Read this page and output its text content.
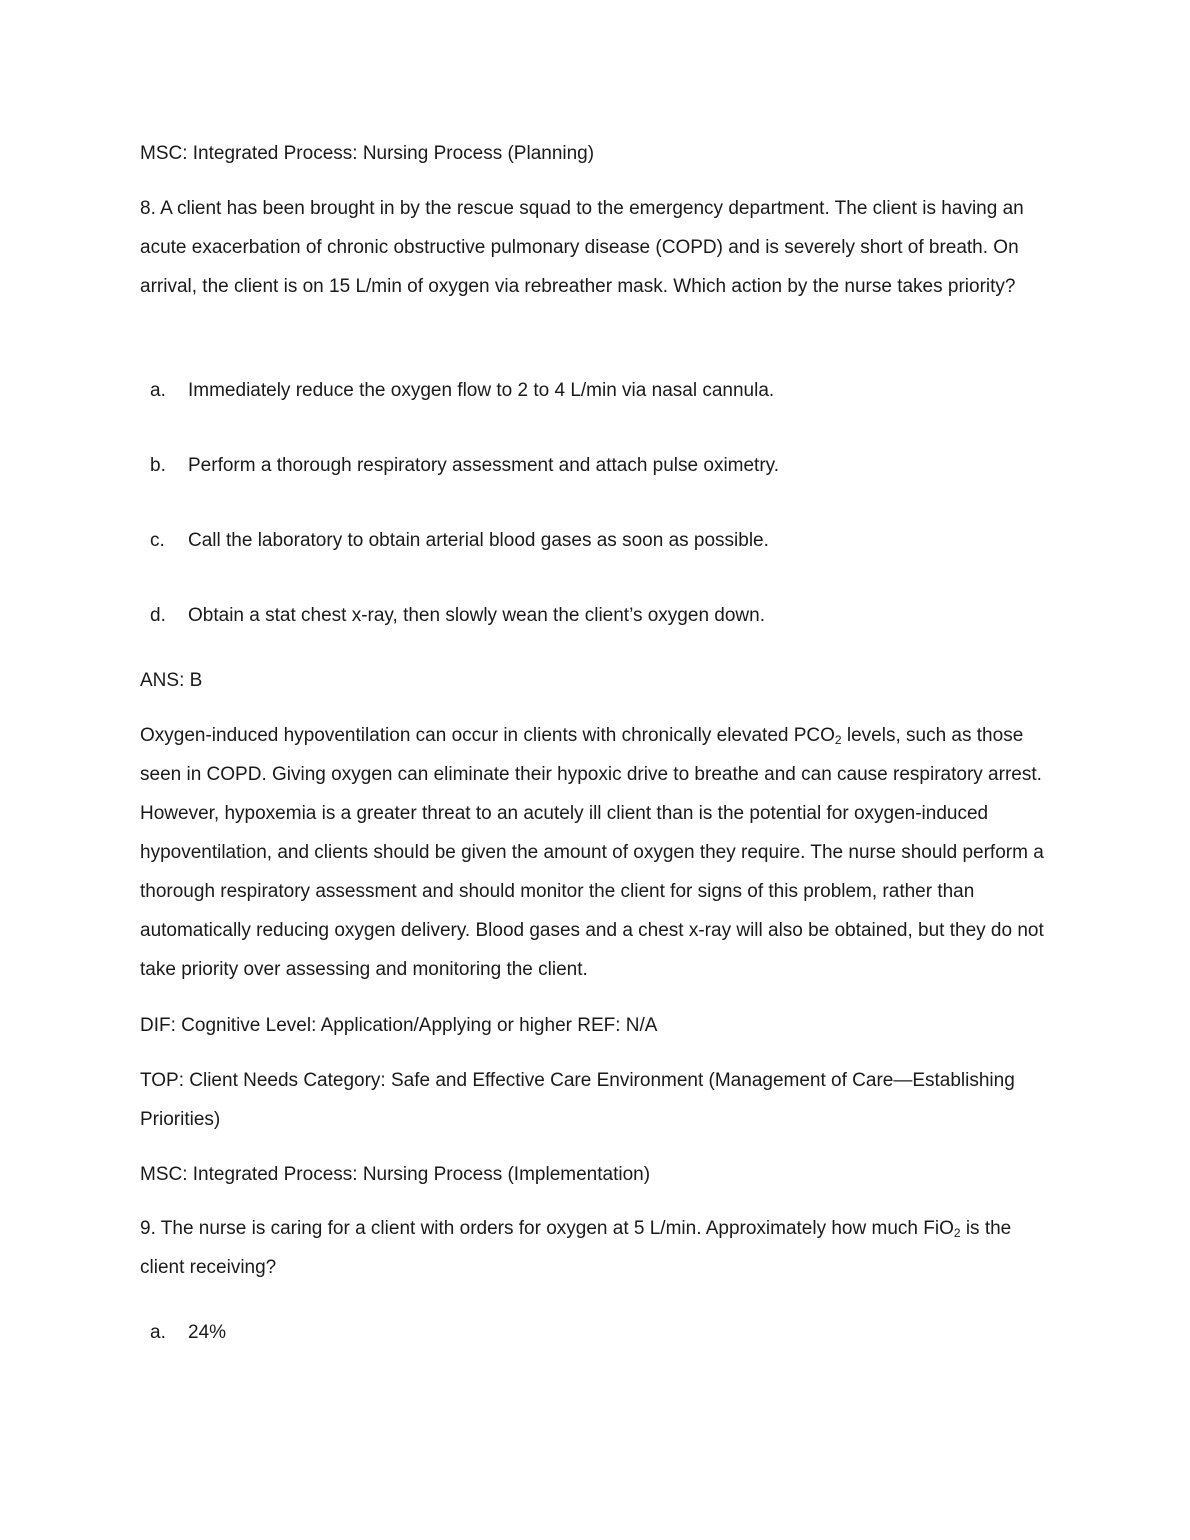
MSC: Integrated Process: Nursing Process (Planning)

8. A client has been brought in by the rescue squad to the emergency department. The client is having an acute exacerbation of chronic obstructive pulmonary disease (COPD) and is severely short of breath. On arrival, the client is on 15 L/min of oxygen via rebreather mask. Which action by the nurse takes priority?

a. Immediately reduce the oxygen flow to 2 to 4 L/min via nasal cannula.

b. Perform a thorough respiratory assessment and attach pulse oximetry.

c. Call the laboratory to obtain arterial blood gases as soon as possible.

d. Obtain a stat chest x-ray, then slowly wean the client’s oxygen down.

ANS: B

Oxygen-induced hypoventilation can occur in clients with chronically elevated $PCO_2$ levels, such as those seen in COPD. Giving oxygen can eliminate their hypoxic drive to breathe and can cause respiratory arrest. However, hypoxemia is a greater threat to an acutely ill client than is the potential for oxygen-induced hypoventilation, and clients should be given the amount of oxygen they require. The nurse should perform a thorough respiratory assessment and should monitor the client for signs of this problem, rather than automatically reducing oxygen delivery. Blood gases and a chest x-ray will also be obtained, but they do not take priority over assessing and monitoring the client.

DIF: Cognitive Level: Application/Applying or higher REF: N/A

TOP: Client Needs Category: Safe and Effective Care Environment (Management of Care—Establishing Priorities)

MSC: Integrated Process: Nursing Process (Implementation)

9. The nurse is caring for a client with orders for oxygen at 5 L/min. Approximately how much FiO$_2$ is the client receiving?

a. 24%
